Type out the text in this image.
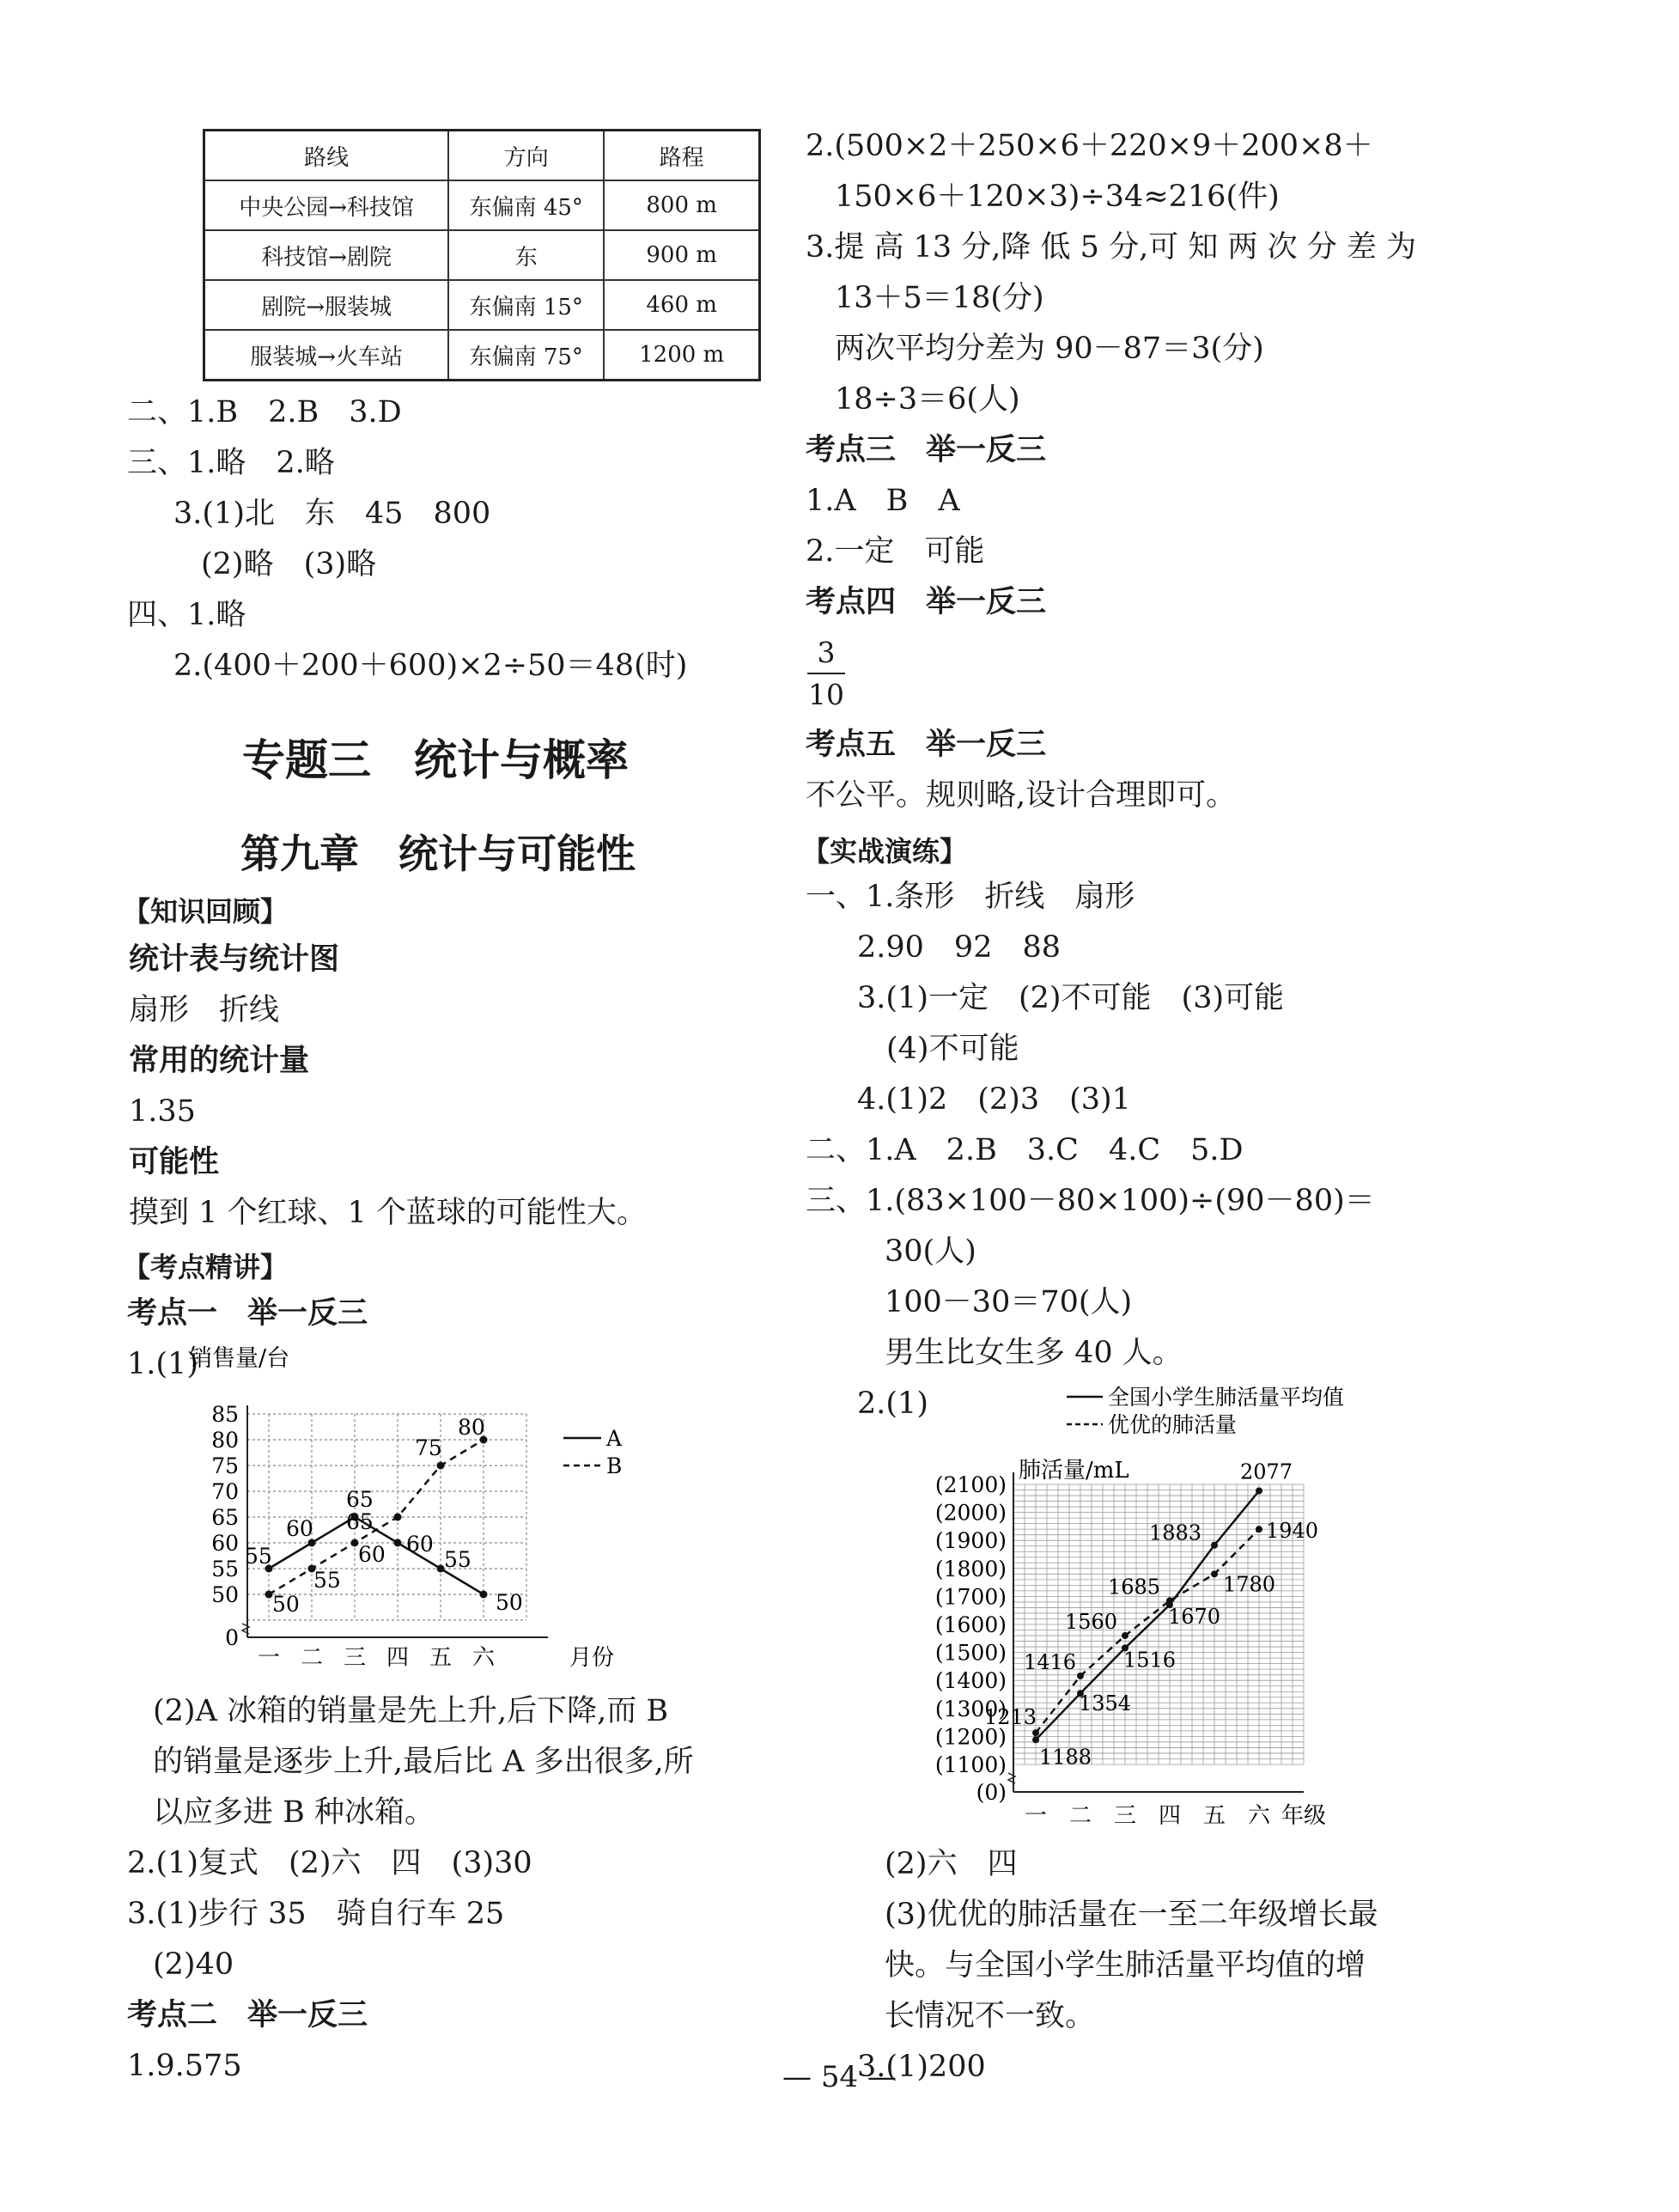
路线	方向	路程
中央公园→科技馆	东偏南 45°	800 m
科技馆→剧院	东	900 m
剧院→服装城	东偏南 15°	460 m
服装城→火车站	东偏南 75°	1200 m
二、1.B　2.B　3.D
三、1.略　2.略
3.(1)北　东　45　800
(2)略　(3)略
四、1.略
2.(400＋200＋600)×2÷50＝48(时)
专题三　统计与概率
第九章　统计与可能性
【知识回顾】
统计表与统计图
扇形　折线
常用的统计量
1.35
可能性
摸到 1 个红球、1 个蓝球的可能性大。
【考点精讲】
考点一　举一反三
1.(1)
销售量/台
0
50
55
60
65
70
75
80
85
一 二 三 四 五 六	月份
55
60
65
60
55
50
50
55
60
65
75
80	A
B
(2)A 冰箱的销量是先上升,后下降,而 B
的销量是逐步上升,最后比 A 多出很多,所
以应多进 B 种冰箱。
2.(1)复式　(2)六　四　(3)30
3.(1)步行 35　骑自行车 25
(2)40
考点二　举一反三
1.9.575
2.(500×2＋250×6＋220×9＋200×8＋
150×6＋120×3)÷34≈216(件)
3.提 高 13 分,降 低 5 分,可 知 两 次 分 差 为
13＋5＝18(分)
两次平均分差为 90－87＝3(分)
18÷3＝6(人)
考点三　举一反三
1.A　B　A
2.一定　可能
考点四　举一反三
3
10
考点五　举一反三
不公平。规则略,设计合理即可。
【实战演练】
一、1.条形　折线　扇形
2.90　92　88
3.(1)一定　(2)不可能　(3)可能
(4)不可能
4.(1)2　(2)3　(3)1
二、1.A　2.B　3.C　4.C　5.D
三、1.(83×100－80×100)÷(90－80)＝
30(人)
100－30＝70(人)
男生比女生多 40 人。
2.(1)	全国小学生肺活量平均值
优优的肺活量
肺活量/mL
(0)
(1100)
(1200)
(1300)
(1400)
(1500)
(1600)
(1700)
(1800)
(1900)
(2000)
(2100)
一 二 三 四 五 六 年级
1188
1354
1516
1670
1883
2077
1213
1416
1560
1685	1780
1940
(2)六　四
(3)优优的肺活量在一至二年级增长最
快。与全国小学生肺活量平均值的增
长情况不一致。
3.(1)200
— 54 —
